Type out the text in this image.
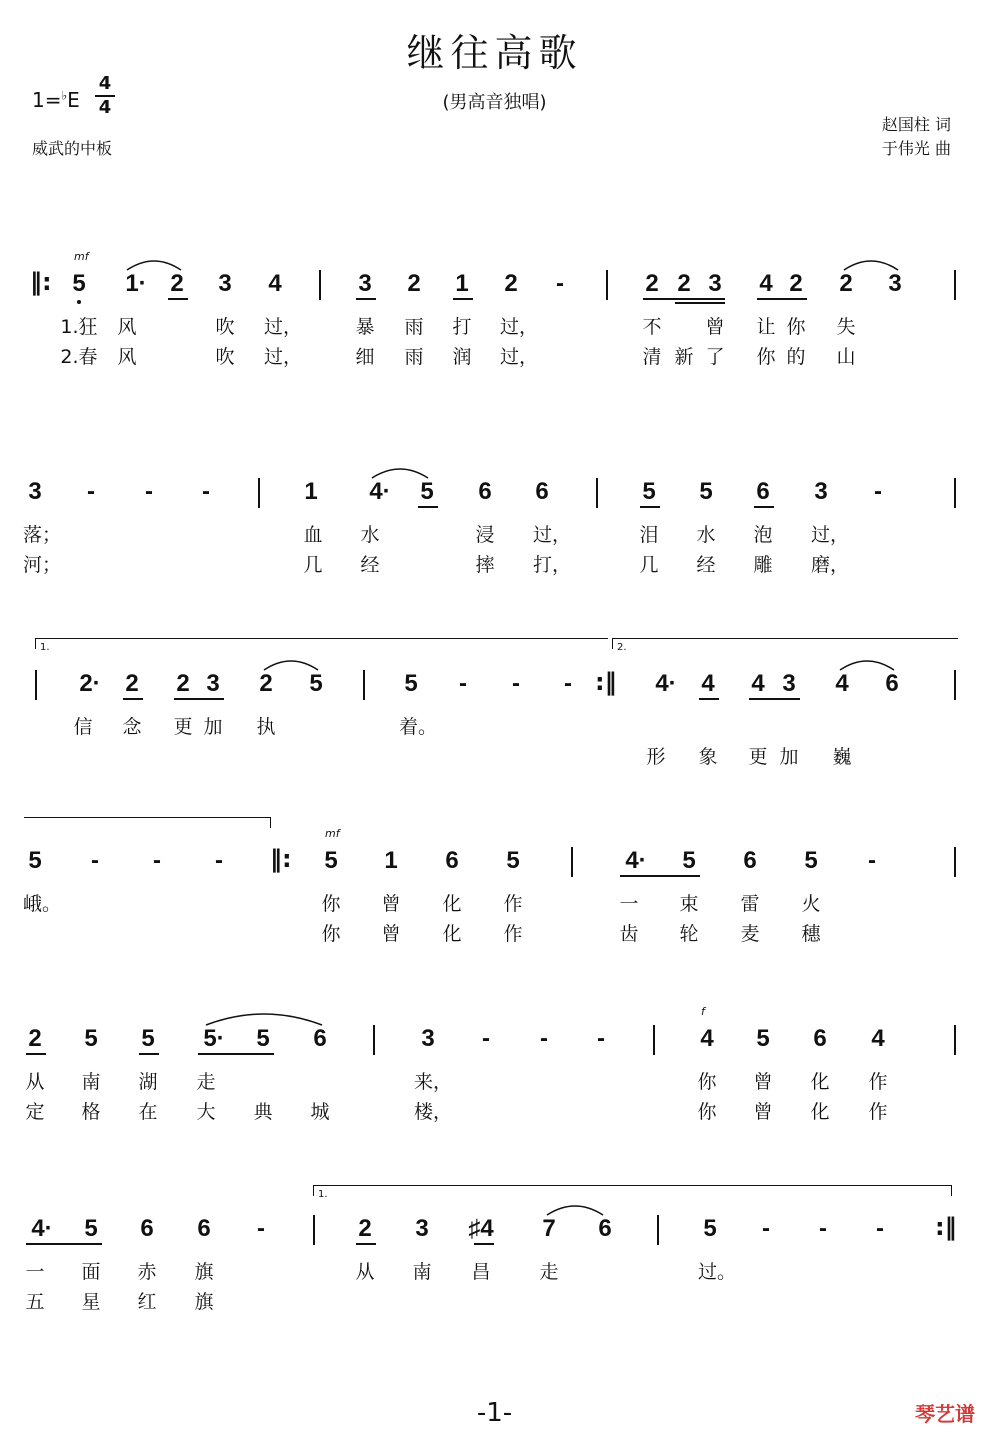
继往高歌
(男高音独唱)
1=♭E
4
4
威武的中板
赵国柱 词
于伟光 曲
mf
‖: 5	1· 2 3 4	3 2 1 2 -	2 2 3 4 2 2 3
1.狂	风	吹 过，	暴 雨 打 过，	不 曾 让 你 失
2.春	风	吹 过，	细 雨 润 过，	清 新 了 你 的 山
3 - - -	1	4·	5 6 6	5 5 6 3 -
落；	血 水	浸 过，	泪 水 泡 过，
河；	几 经	摔 打，	几 经 雕 磨，
1.	2.
2·	2 2 3 2 5	5 - - - :‖	4·	4 4 3 4 6
信 念 更 加 执	着。
形 象 更 加 巍
mf
5 - - - ‖: 5 1 6 5	4·	5 6 5 -
峨。	你 曾 化 作	一 束 雷 火
你 曾 化 作	齿 轮 麦 穗
f
2 5 5	5·	5 6	3 - - -	4 5 6 4
从 南 湖 走	来，	你 曾 化 作
定 格 在 大 典 城	楼，	你 曾 化 作
1.
4·	5 6 6 -	2 3 ♯4 7 6	5 - - - :‖
一 面 赤 旗	从 南 昌	走	过。
五 星 红 旗
-1-	琴艺谱
